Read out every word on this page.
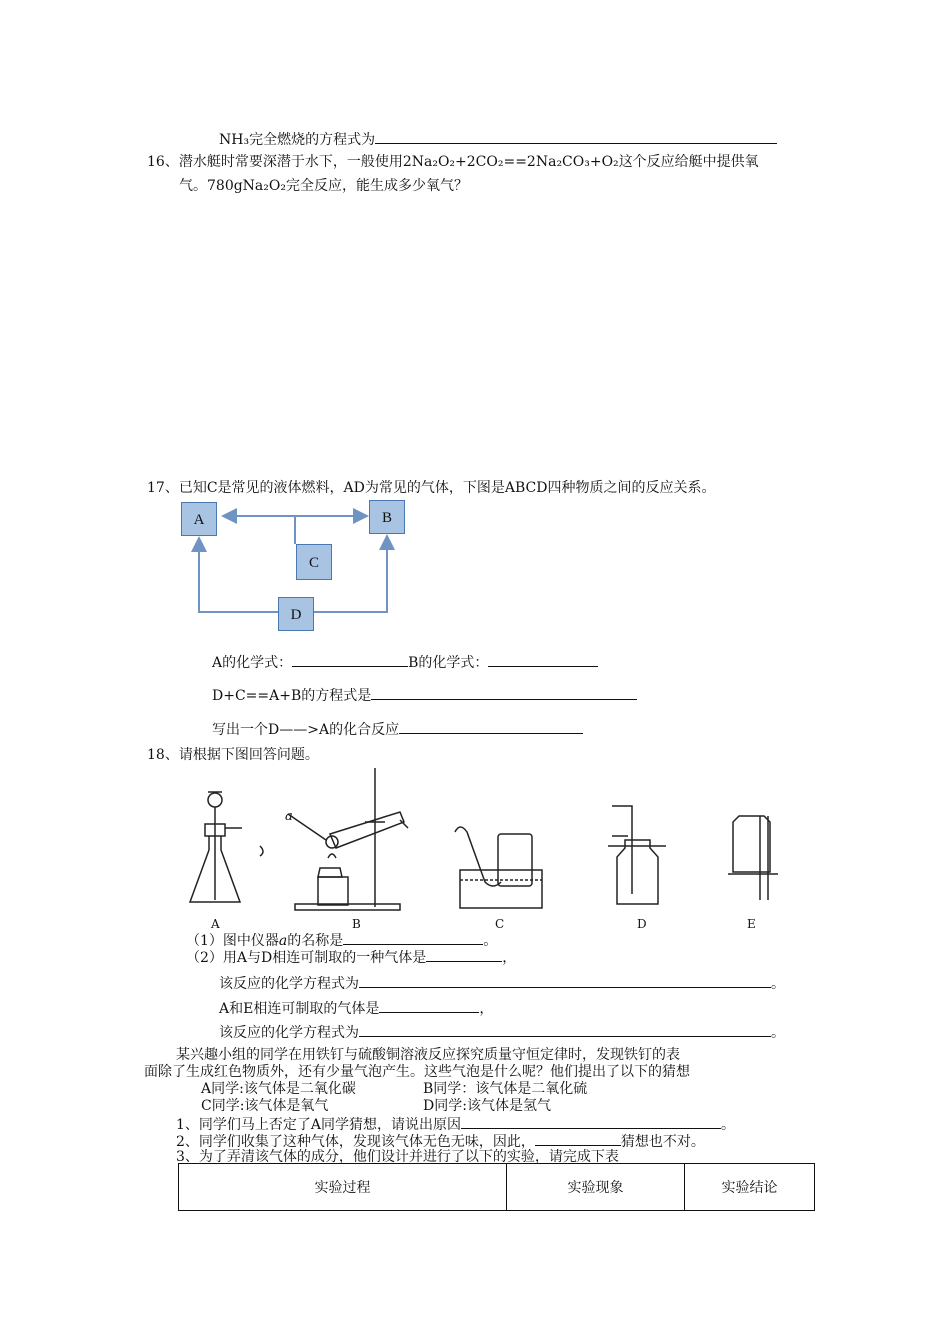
NH₃完全燃烧的方程式为
16、潜水艇时常要深潜于水下，一般使用2Na₂O₂+2CO₂==2Na₂CO₃+O₂这个反应给艇中提供氧
气。780gNa₂O₂完全反应，能生成多少氧气？
17、已知C是常见的液体燃料，AD为常见的气体，下图是ABCD四种物质之间的反应关系。
A	B
C
D
A的化学式：	B的化学式：
D+C==A+B的方程式是
写出一个D——>A的化合反应
18、请根据下图回答问题。
a
A	B	C	D	E
（1）图中仪器a的名称是	。
（2）用A与D相连可制取的一种气体是	，
该反应的化学方程式为	。
A和E相连可制取的气体是	，
该反应的化学方程式为	。
某兴趣小组的同学在用铁钉与硫酸铜溶液反应探究质量守恒定律时，发现铁钉的表
面除了生成红色物质外，还有少量气泡产生。这些气泡是什么呢？他们提出了以下的猜想
A同学:该气体是二氧化碳	B同学：该气体是二氧化硫
C同学:该气体是氧气	D同学:该气体是氢气
1、同学们马上否定了A同学猜想，请说出原因	。
2、同学们收集了这种气体，发现该气体无色无味，因此，	猜想也不对。
3、为了弄清该气体的成分，他们设计并进行了以下的实验，请完成下表
实验过程	实验现象	实验结论
